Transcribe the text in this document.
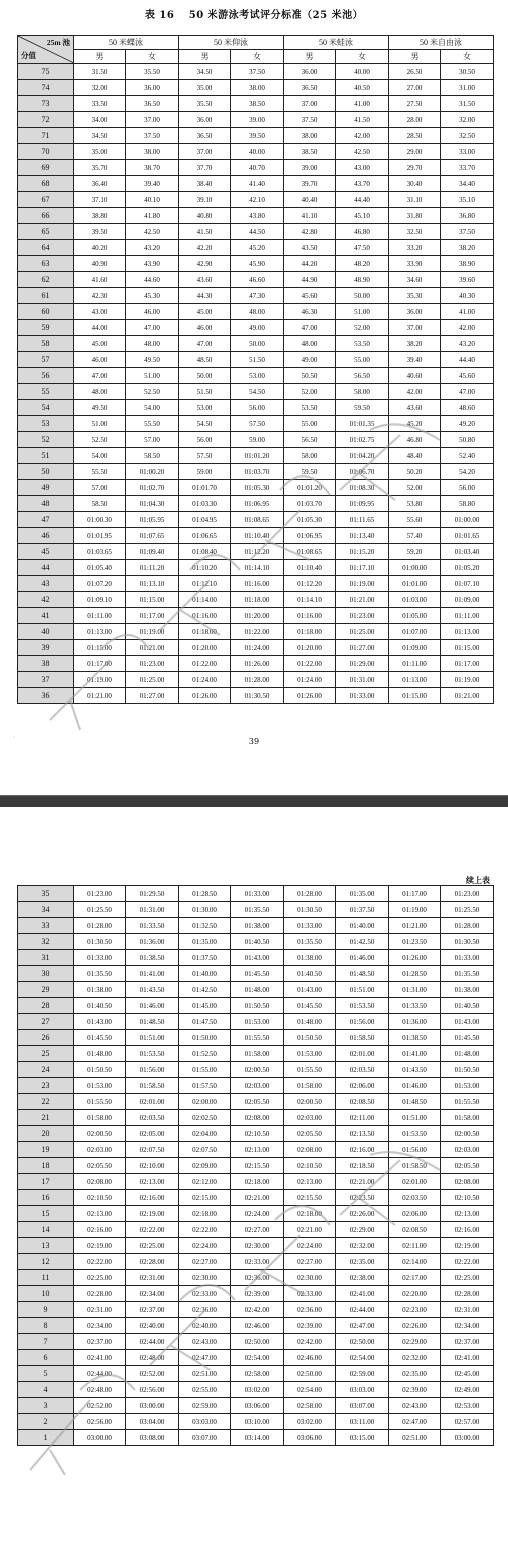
表 16　 50 米游泳考试评分标准（25 米池）
`	39
续上表
25m 池
分值	50 米蝶泳		50 米仰泳		50 米蛙泳		50 米自由泳	
	男	女	男	女	男	女	男	女
75	31.50	35.50	34.50	37.50	36.00	40.00	26.50	30.50
74	32.00	36.00	35.00	38.00	36.50	40.50	27.00	31.00
73	33.50	36.50	35.50	38.50	37.00	41.00	27.50	31.50
72	34.00	37.00	36.00	39.00	37.50	41.50	28.00	32.00
71	34.50	37.50	36.50	39.50	38.00	42.00	28.50	32.50
70	35.00	38.00	37.00	40.00	38.50	42.50	29.00	33.00
69	35.70	38.70	37.70	40.70	39.00	43.00	29.70	33.70
68	36.40	39.40	38.40	41.40	39.70	43.70	30.40	34.40
67	37.10	40.10	39.10	42.10	40.40	44.40	31.10	35.10
66	38.80	41.80	40.80	43.80	41.10	45.10	31.80	36.80
65	39.50	42.50	41.50	44.50	42.80	46.80	32.50	37.50
64	40.20	43.20	42.20	45.20	43.50	47.50	33.20	38.20
63	40.90	43.90	42.90	45.90	44.20	48.20	33.90	38.90
62	41.60	44.60	43.60	46.60	44.90	48.90	34.60	39.60
61	42.30	45.30	44.30	47.30	45.60	50.00	35.30	40.30
60	43.00	46.00	45.00	48.00	46.30	51.00	36.00	41.00
59	44.00	47.00	46.00	49.00	47.00	52.00	37.00	42.00
58	45.00	48.00	47.00	50.00	48.00	53.50	38.20	43.20
57	46.00	49.50	48.50	51.50	49.00	55.00	39.40	44.40
56	47.00	51.00	50.00	53.00	50.50	56.50	40.60	45.60
55	48.00	52.50	51.50	54.50	52.00	58.00	42.00	47.00
54	49.50	54.00	53.00	56.00	53.50	59.50	43.60	48.60
53	51.00	55.50	54.50	57.50	55.00	01:01.35	45.20	49.20
52	52.50	57.00	56.00	59.00	56.50	01:02.75	46.80	50.80
51	54.00	58.50	57.50	01:01.20	58.00	01:04.20	48.40	52.40
50	55.50	01:00.20	59.00	01:03.70	59.50	01:06.70	50.20	54.20
49	57.00	01:02.70	01:01.70	01:05.30	01:01.20	01:08.30	52.00	56.00
48	58.50	01:04.30	01:03.30	01:06.95	01:03.70	01:09.95	53.80	58.80
47	01:00.30	01:05.95	01:04.95	01:08.65	01:05.30	01:11.65	55.60	01:00.00
46	01:01.95	01:07.65	01:06.65	01:10.40	01:06.95	01:13.40	57.40	01:01.65
45	01:03.65	01:09.40	01:08.40	01:12.20	01:08.65	01:15.20	59.20	01:03.40
44	01:05.40	01:11.20	01:10.20	01:14.10	01:10.40	01:17.10	01:00.00	01:05.20
43	01:07.20	01:13.10	01:12.10	01:16.00	01:12.20	01:19.00	01:01.00	01:07.10
42	01:09.10	01:15.00	01:14.00	01:18.00	01:14.10	01:21.00	01:03.00	01:09.00
41	01:11.00	01:17.00	01:16.00	01:20.00	01:16.00	01:23.00	01:05.00	01:11.00
40	01:13.00	01:19.00	01:18.00	01:22.00	01:18.00	01:25.00	01:07.00	01:13.00
39	01:15.00	01:21.00	01:20.00	01:24.00	01:20.00	01:27.00	01:09.00	01:15.00
38	01:17.00	01:23.00	01:22.00	01:26.00	01:22.00	01:29.00	01:11.00	01:17.00
37	01:19.00	01:25.00	01:24.00	01:28.00	01:24.00	01:31.00	01:13.00	01:19.00
36	01:21.00	01:27.00	01:26.00	01:30.50	01:26.00	01:33.00	01:15.00	01:21.00
35	01:23.00	01:29.50	01:28.50	01:33.00	01:28.00	01:35.00	01:17.00	01:23.00
34	01:25.50	01:31.00	01:30.00	01:35.50	01:30.50	01:37.50	01:19.00	01:25.50
33	01:28.00	01:33.50	01:32.50	01:38.00	01:33.00	01:40.00	01:21.00	01:28.00
32	01:30.50	01:36.00	01:35.00	01:40.50	01:35.50	01:42.50	01:23.50	01:30.50
31	01:33.00	01:38.50	01:37.50	01:43.00	01:38.00	01:46.00	01:26.00	01:33.00
30	01:35.50	01:41.00	01:40.00	01:45.50	01:40.50	01:48.50	01:28.50	01:35.50
29	01:38.00	01:43.50	01:42.50	01:48.00	01:43.00	01:51.00	01:31.00	01:38.00
28	01:40.50	01:46.00	01:45.00	01:50.50	01:45.50	01:53.50	01:33.50	01:40.50
27	01:43.00	01:48.50	01:47.50	01:53.00	01:48.00	01:56.00	01:36.00	01:43.00
26	01:45.50	01:51.00	01:50.00	01:55.50	01:50.50	01:58.50	01:38.50	01:45.50
25	01:48.00	01:53.50	01:52.50	01:58.00	01:53.00	02:01.00	01:41.00	01:48.00
24	01:50.50	01:56.00	01:55.00	02:00.50	01:55.50	02:03.50	01:43.50	01:50.50
23	01:53.00	01:58.50	01:57.50	02:03.00	01:58.00	02:06.00	01:46.00	01:53.00
22	01:55.50	02:01.00	02:00.00	02:05.50	02:00.50	02:08.50	01:48.50	01:55.50
21	01:58.00	02:03.50	02:02.50	02:08.00	02:03.00	02:11.00	01:51.00	01:58.00
20	02:00.50	02:05.00	02:04.00	02:10.50	02:05.50	02:13.50	01:53.50	02:00.50
19	02:03.00	02:07.50	02:07.50	02:13.00	02:08.00	02:16.00	01:56.00	02:03.00
18	02:05.50	02:10.00	02:09.00	02:15.50	02:10.50	02:18.50	01:58.50	02:05.50
17	02:08.00	02:13.00	02:12.00	02:18.00	02:13.00	02:21.00	02:01.00	02:08.00
16	02:10.50	02:16.00	02:15.00	02:21.00	02:15.50	02:23.50	02:03.50	02:10.50
15	02:13.00	02:19.00	02:18.00	02:24.00	02:18.00	02:26.00	02:06.00	02:13.00
14	02:16.00	02:22.00	02:22.00	02:27.00	02:21.00	02:29.00	02:08.50	02:16.00
13	02:19.00	02:25.00	02:24.00	02:30.00	02:24.00	02:32.00	02:11.00	02:19.00
12	02:22.00	02:28.00	02:27.00	02:33.00	02:27.00	02:35.00	02:14.00	02:22.00
11	02:25.00	02:31.00	02:30.00	02:36.00	02:30.00	02:38.00	02:17.00	02:25.00
10	02:28.00	02:34.00	02:33.00	02:39.00	02:33.00	02:41.00	02:20.00	02:28.00
9	02:31.00	02:37.00	02:36.00	02:42.00	02:36.00	02:44.00	02:23.00	02:31.00
8	02:34.00	02:40.00	02:40.00	02:46.00	02:39.00	02:47.00	02:26.00	02:34.00
7	02:37.00	02:44.00	02:43.00	02:50.00	02:42.00	02:50.00	02:29.00	02:37.00
6	02:41.00	02:48.00	02:47.00	02:54.00	02:46.00	02:54.00	02:32.00	02:41.00
5	02:44.00	02:52.00	02:51.00	02:58.00	02:50.00	02:59.00	02:35.00	02:45.00
4	02:48.00	02:56.00	02:55.00	03:02.00	02:54.00	03:03.00	02:39.00	02:49.00
3	02:52.00	03:00.00	02:59.00	03:06.00	02:58.00	03:07.00	02:43.00	02:53.00
2	02:56.00	03:04.00	03:03.00	03:10.00	03:02.00	03:11.00	02:47.00	02:57.00
1	03:00.00	03:08.00	03:07.00	03:14.00	03:06.00	03:15.00	02:51.00	03:00.00
